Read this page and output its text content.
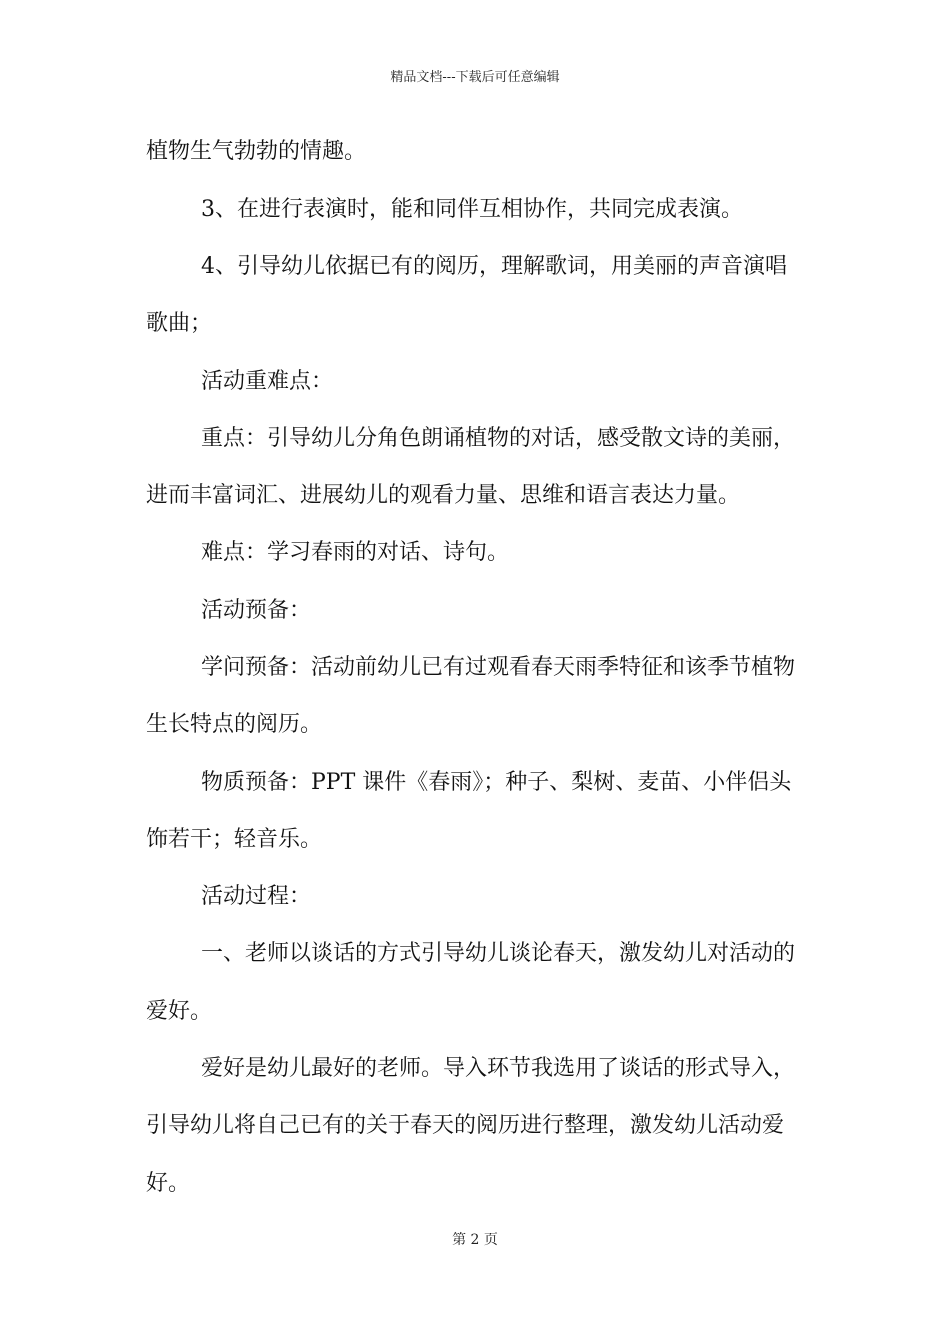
精品文档---下载后可任意编辑
植物生气勃勃的情趣。
3、在进行表演时，能和同伴互相协作，共同完成表演。
4、引导幼儿依据已有的阅历，理解歌词，用美丽的声音演唱
歌曲；
活动重难点：
重点：引导幼儿分角色朗诵植物的对话，感受散文诗的美丽，
进而丰富词汇、进展幼儿的观看力量、思维和语言表达力量。
难点：学习春雨的对话、诗句。
活动预备：
学问预备：活动前幼儿已有过观看春天雨季特征和该季节植物
生长特点的阅历。
物质预备：PPT 课件《春雨》；种子、梨树、麦苗、小伴侣头
饰若干；轻音乐。
活动过程：
一、老师以谈话的方式引导幼儿谈论春天，激发幼儿对活动的
爱好。
爱好是幼儿最好的老师。导入环节我选用了谈话的形式导入，
引导幼儿将自己已有的关于春天的阅历进行整理，激发幼儿活动爱
好。
第 2 页
